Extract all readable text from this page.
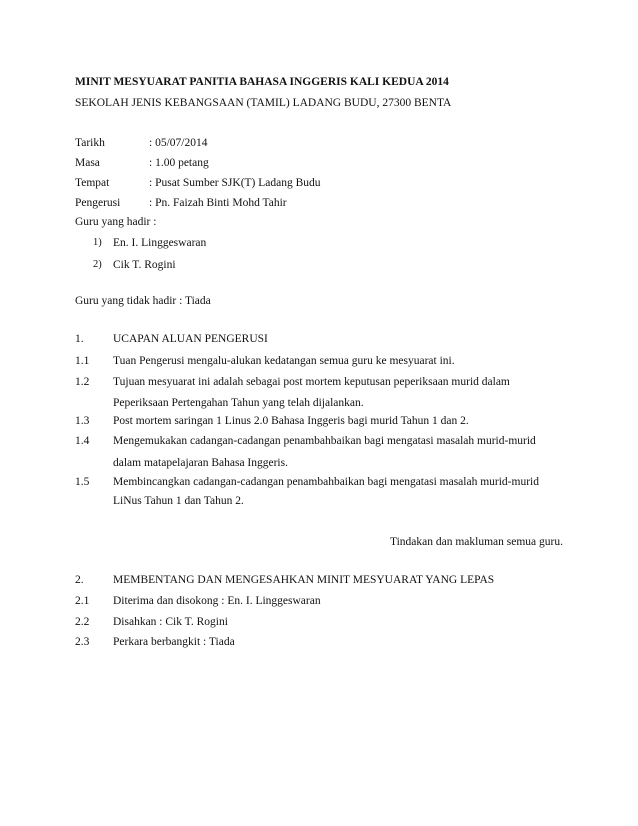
MINIT MESYUARAT PANITIA BAHASA INGGERIS KALI KEDUA 2014
SEKOLAH JENIS KEBANGSAAN (TAMIL) LADANG BUDU, 27300 BENTA
Tarikh	: 05/07/2014
Masa	: 1.00 petang
Tempat	: Pusat Sumber SJK(T) Ladang Budu
Pengerusi : Pn. Faizah Binti Mohd Tahir
Guru yang hadir :
1) En. I. Linggeswaran
2) Cik T. Rogini
Guru yang tidak hadir : Tiada
1.	UCAPAN ALUAN PENGERUSI
1.1 Tuan Pengerusi mengalu-alukan kedatangan semua guru ke mesyuarat ini.
1.2 Tujuan mesyuarat ini adalah sebagai post mortem keputusan peperiksaan murid dalam
Peperiksaan Pertengahan Tahun yang telah dijalankan.
1.3 Post mortem saringan 1 Linus 2.0 Bahasa Inggeris bagi murid Tahun 1 dan 2.
1.4 Mengemukakan cadangan-cadangan penambahbaikan bagi mengatasi masalah murid-murid
dalam matapelajaran Bahasa Inggeris.
1.5 Membincangkan cadangan-cadangan penambahbaikan bagi mengatasi masalah murid-murid
LiNus Tahun 1 dan Tahun 2.
Tindakan dan makluman semua guru.
2.	MEMBENTANG DAN MENGESAHKAN MINIT MESYUARAT YANG LEPAS
2.1 Diterima dan disokong : En. I. Linggeswaran
2.2 Disahkan : Cik T. Rogini
2.3 Perkara berbangkit : Tiada
